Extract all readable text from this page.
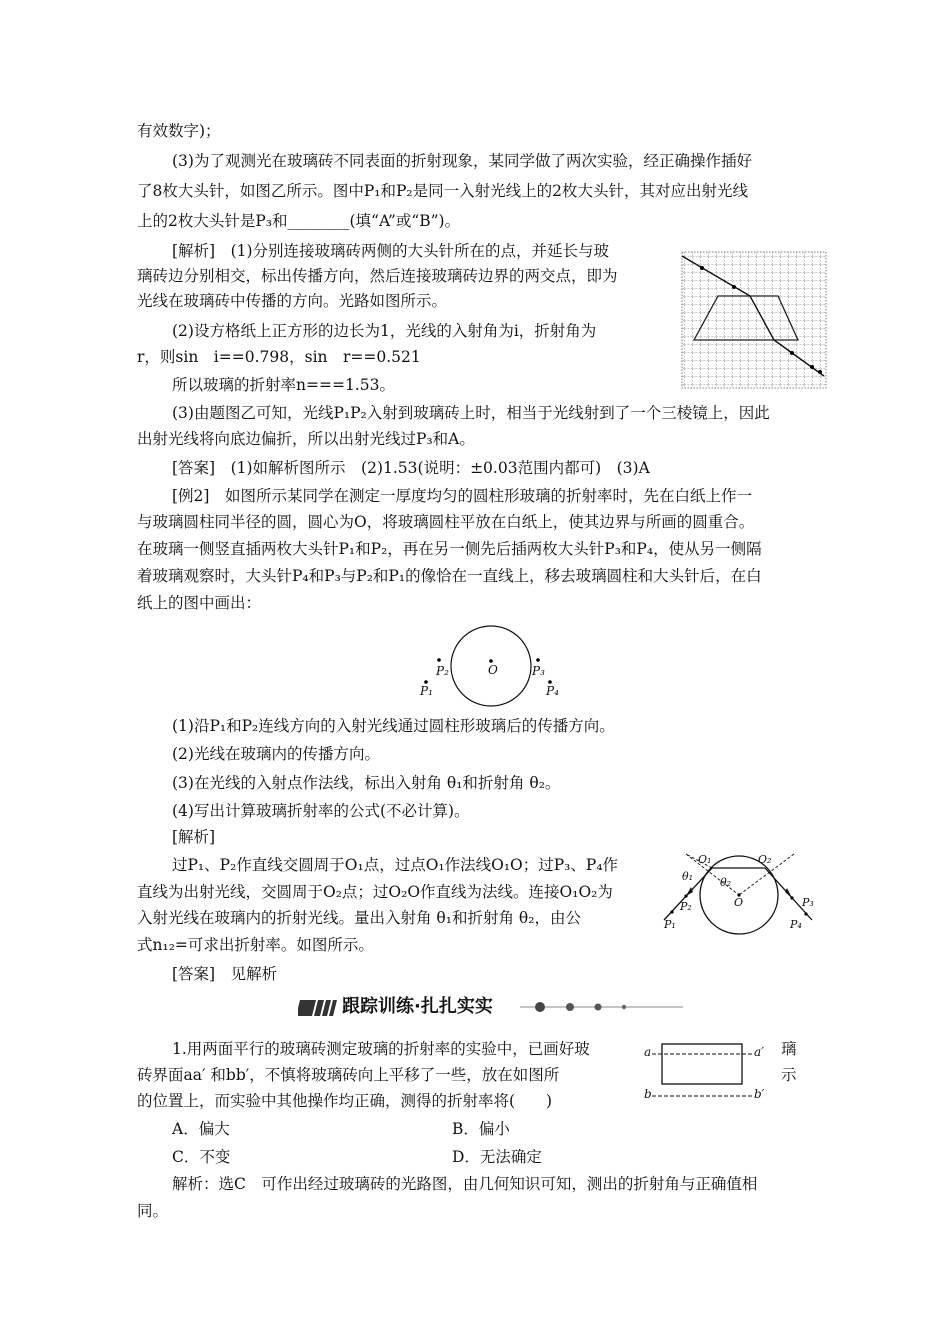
有效数字)；
(3)为了观测光在玻璃砖不同表面的折射现象，某同学做了两次实验，经正确操作插好
了8枚大头针，如图乙所示。图中P₁和P₂是同一入射光线上的2枚大头针，其对应出射光线
上的2枚大头针是P₃和________(填“A”或“B”)。
[解析]　(1)分别连接玻璃砖两侧的大头针所在的点，并延长与玻
璃砖边分别相交，标出传播方向，然后连接玻璃砖边界的两交点，即为
光线在玻璃砖中传播的方向。光路如图所示。
(2)设方格纸上正方形的边长为1，光线的入射角为i，折射角为
r，则sin　i==0.798，sin　r==0.521
所以玻璃的折射率n===1.53。
(3)由题图乙可知，光线P₁P₂入射到玻璃砖上时，相当于光线射到了一个三棱镜上，因此
出射光线将向底边偏折，所以出射光线过P₃和A。
[答案]　(1)如解析图所示　(2)1.53(说明：±0.03范围内都可)　(3)A
[例2]　如图所示某同学在测定一厚度均匀的圆柱形玻璃的折射率时，先在白纸上作一
与玻璃圆柱同半径的圆，圆心为O，将玻璃圆柱平放在白纸上，使其边界与所画的圆重合。
在玻璃一侧竖直插两枚大头针P₁和P₂，再在另一侧先后插两枚大头针P₃和P₄，使从另一侧隔
着玻璃观察时，大头针P₄和P₃与P₂和P₁的像恰在一直线上，移去玻璃圆柱和大头针后，在白
纸上的图中画出：
(1)沿P₁和P₂连线方向的入射光线通过圆柱形玻璃后的传播方向。
(2)光线在玻璃内的传播方向。
(3)在光线的入射点作法线，标出入射角 θ₁和折射角 θ₂。
(4)写出计算玻璃折射率的公式(不必计算)。
[解析]
过P₁、P₂作直线交圆周于O₁点，过点O₁作法线O₁O；过P₃、P₄作
直线为出射光线，交圆周于O₂点；过O₂O作直线为法线。连接O₁O₂为
入射光线在玻璃内的折射光线。量出入射角 θ₁和折射角 θ₂，由公
式n₁₂=可求出折射率。如图所示。
[答案]　见解析
跟踪训练·扎扎实实
1.用两面平行的玻璃砖测定玻璃的折射率的实验中，已画好玻
砖界面aa′ 和bb′，不慎将玻璃砖向上平移了一些，放在如图所
的位置上，而实验中其他操作均正确，测得的折射率将(　　)
A．偏大	B．偏小
C．不变	D．无法确定
解析：选C　可作出经过玻璃砖的光路图，由几何知识可知，测出的折射角与正确值相
同。
璃
示
O
P₁
P₂	P₃
P₄
O₁	O₂
θ₁ θ₂
O
P₁
P₂	P₃
P₄
a	a′
b	b′
